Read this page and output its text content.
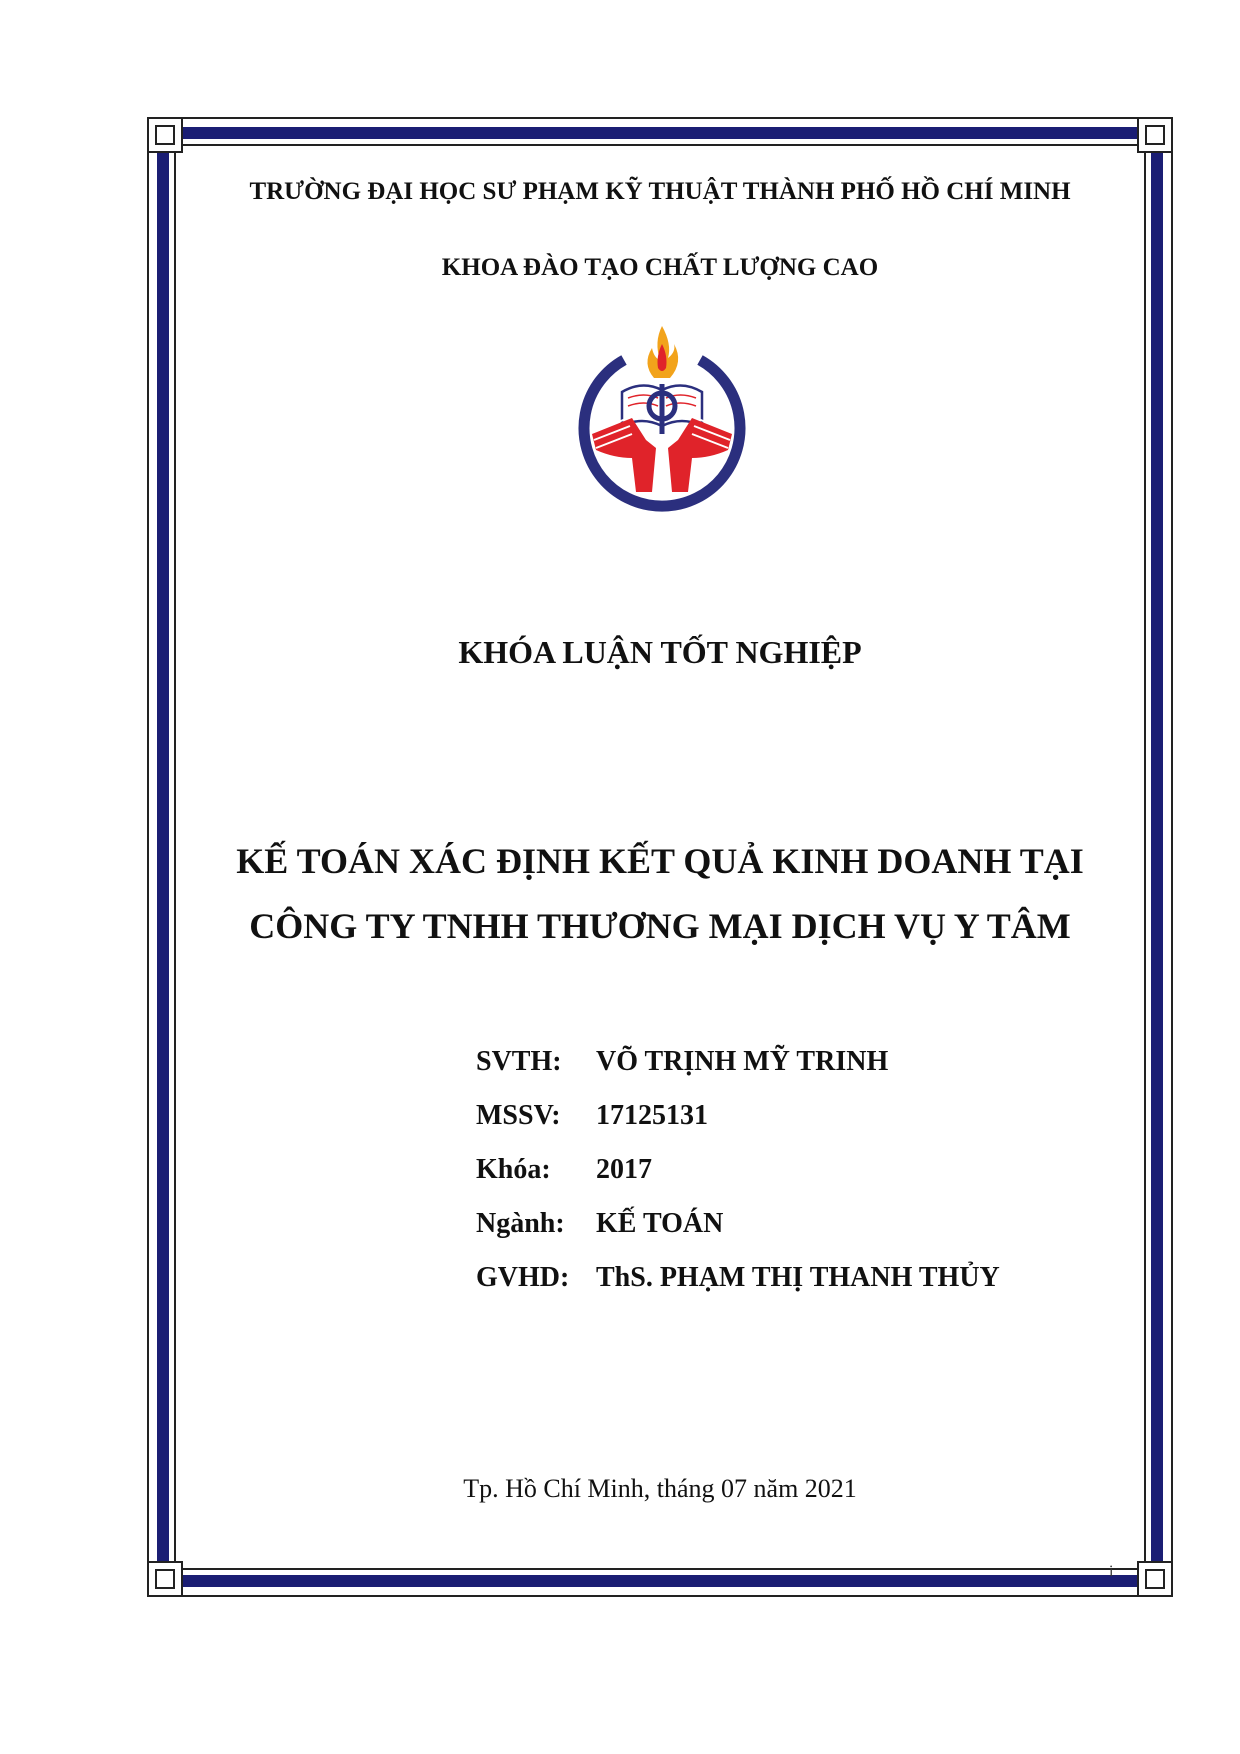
TRƯỜNG ĐẠI HỌC SƯ PHẠM KỸ THUẬT THÀNH PHỐ HỒ CHÍ MINH
KHOA ĐÀO TẠO CHẤT LƯỢNG CAO
KHÓA LUẬN TỐT NGHIỆP
KẾ TOÁN XÁC ĐỊNH KẾT QUẢ KINH DOANH TẠI
CÔNG TY TNHH THƯƠNG MẠI DỊCH VỤ Y TÂM
SVTH:	VÕ TRỊNH MỸ TRINH
MSSV:	17125131
Khóa:	2017
Ngành:	KẾ TOÁN
GVHD: ThS. PHẠM THỊ THANH THỦY
Tp. Hồ Chí Minh, tháng 07 năm 2021
i
